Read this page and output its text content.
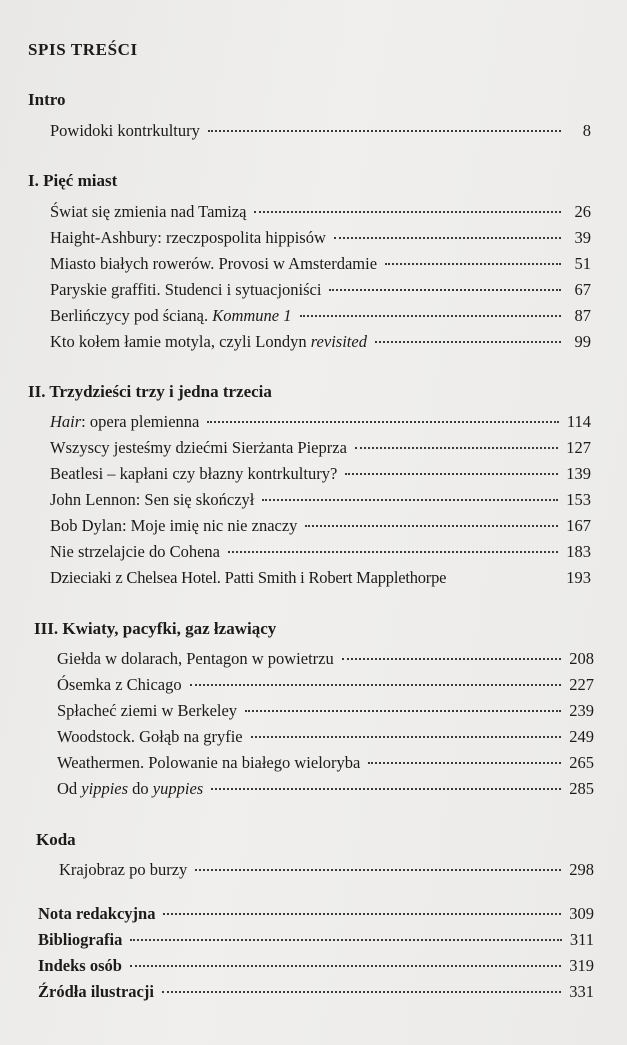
SPIS TREŚCI
Intro
Powidoki kontrkultury	8
I. Pięć miast
Świat się zmienia nad Tamizą	26
Haight-Ashbury: rzeczpospolita hippisów	39
Miasto białych rowerów. Provosi w Amsterdamie	51
Paryskie graffiti. Studenci i sytuacjoniści	67
Berlińczycy pod ścianą. Kommune 1	87
Kto kołem łamie motyla, czyli Londyn revisited	99
II. Trzydzieści trzy i jedna trzecia
Hair: opera plemienna	114
Wszyscy jesteśmy dziećmi Sierżanta Pieprza	127
Beatlesi – kapłani czy błazny kontrkultury?	139
John Lennon: Sen się skończył	153
Bob Dylan: Moje imię nic nie znaczy	167
Nie strzelajcie do Cohena	183
Dzieciaki z Chelsea Hotel. Patti Smith i Robert Mapplethorpe	193
III. Kwiaty, pacyfki, gaz łzawiący
Giełda w dolarach, Pentagon w powietrzu	208
Ósemka z Chicago	227
Spłacheć ziemi w Berkeley	239
Woodstock. Gołąb na gryfie	249
Weathermen. Polowanie na białego wieloryba	265
Od yippies do yuppies	285
Koda
Krajobraz po burzy	298
Nota redakcyjna	309
Bibliografia	311
Indeks osób	319
Źródła ilustracji	331
